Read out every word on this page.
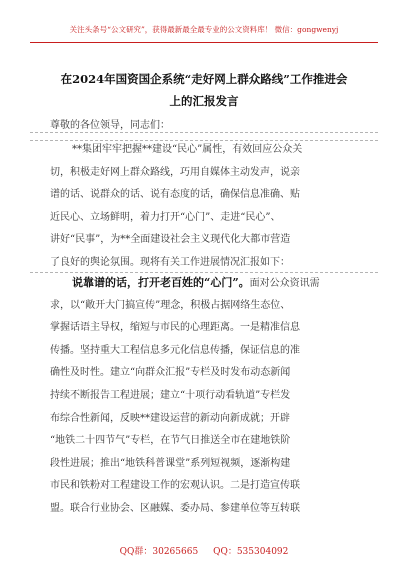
关注头条号“公文研究”，获得最新最全最专业的公文资料库！ 微信：gongwenyj
在2024年国资国企系统“走好网上群众路线”工作推进会
上的汇报发言
尊敬的各位领导，同志们：
**集团牢牢把握**建设“民心”属性，有效回应公众关
切，积极走好网上群众路线，巧用自媒体主动发声，说亲
谱的话、说群众的话、说有态度的话，确保信息准确、贴
近民心、立场鲜明，着力打开“心门”、走进“民心”、
讲好“民事”，为**全面建设社会主义现代化大都市营造
了良好的舆论氛围。现将有关工作进展情况汇报如下：
说靠谱的话，打开老百姓的“心门”。面对公众资讯需
求，以“敞开大门搞宣传”理念，积极占据网络生态位、
掌握话语主导权，缩短与市民的心理距离。一是精准信息
传播。坚持重大工程信息多元化信息传播，保证信息的准
确性及时性。建立“向群众汇报”专栏及时发布动态新闻
持续不断报告工程进展；建立“十项行动看轨道”专栏发
布综合性新闻，反映**建设运营的新动向新成就；开辟
“地铁二十四节气”专栏，在节气日推送全市在建地铁阶
段性进展；推出“地铁科普课堂”系列短视频，逐渐构建
市民和铁粉对工程建设工作的宏观认识。二是打造宣传联
盟。联合行业协会、区融媒、委办局、参建单位等互转联
QQ群：30265665 QQ：535304092
